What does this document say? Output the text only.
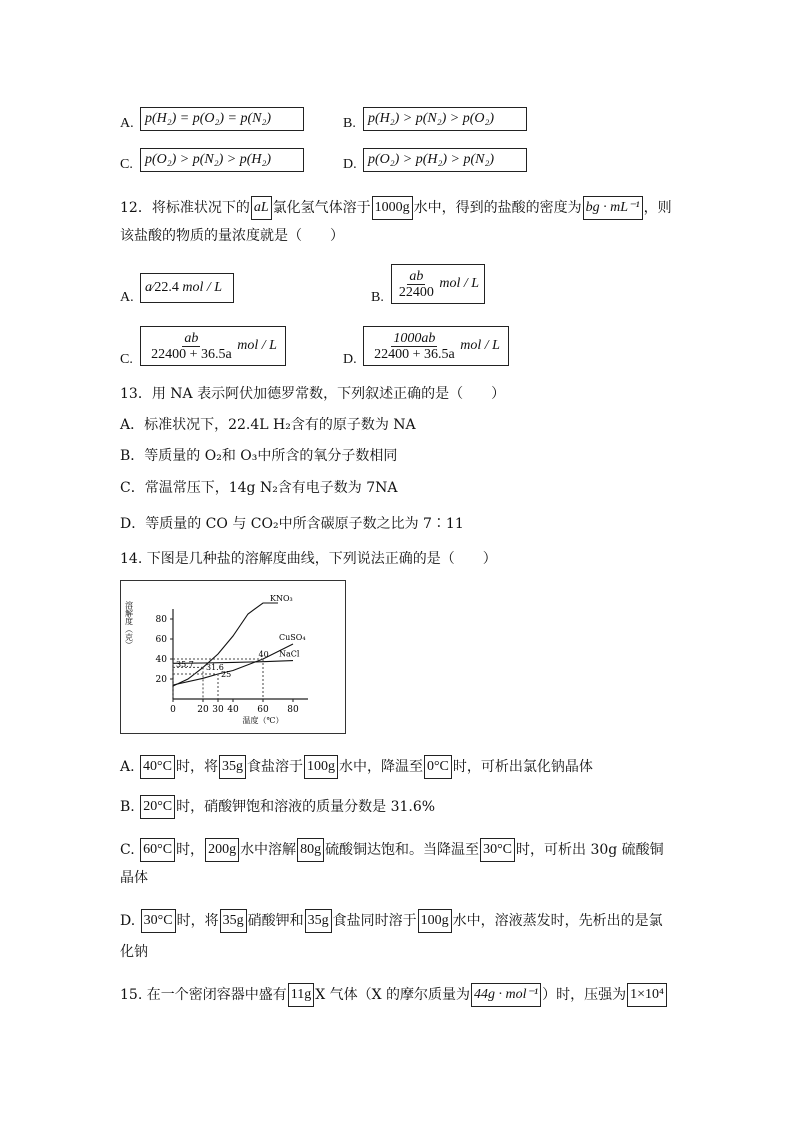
A. p(H₂) = p(O₂) = p(N₂)	B. p(H₂) > p(N₂) > p(O₂)
C. p(O₂) > p(N₂) > p(H₂)	D. p(O₂) > p(H₂) > p(N₂)
12．将标准状况下的 aL 氯化氢气体溶于 1000g 水中，得到的盐酸的密度为 bg · mL⁻¹ ，则
该盐酸的物质的量浓度就是（　　）
A.
a ⁄ 22.4
mol / L
B. $\frac{ab}{22400}$
mol / L
C. $\frac{ab}{22400 + 36.5a}$
mol / L
D. $\frac{1000ab}{22400 + 36.5a}$
mol / L
13．用 NA 表示阿伏加德罗常数，下列叙述正确的是（　　）
A．标准状况下，22.4L H₂含有的原子数为 NA
B．等质量的 O₂和 O₃中所含的氧分子数相同
C．常温常压下，14g N₂含有电子数为 7NA
D．等质量的 CO 与 CO₂中所含碳原子数之比为 7∶11
14. 下图是几种盐的溶解度曲线，下列说法正确的是（　　）
20
40
60
80
0 20 30 40 60 80
溶解度（克）
温度（℃）
KNO₃
CuSO₄
NaCl
35.7 31.6
25
40
A. 40°C 时，将 35g 食盐溶于 100g 水中，降温至 0°C 时，可析出氯化钠晶体
B. 20°C 时，硝酸钾饱和溶液的质量分数是 31.6%
C. 60°C 时， 200g 水中溶解 80g 硫酸铜达饱和。当降温至 30°C 时，可析出 30g 硫酸铜
晶体
D. 30°C 时，将 35g 硝酸钾和 35g 食盐同时溶于 100g 水中，溶液蒸发时，先析出的是氯
化钠
15. 在一个密闭容器中盛有 11g X 气体（X 的摩尔质量为 44g · mol⁻¹ ）时，压强为 1×10⁴
